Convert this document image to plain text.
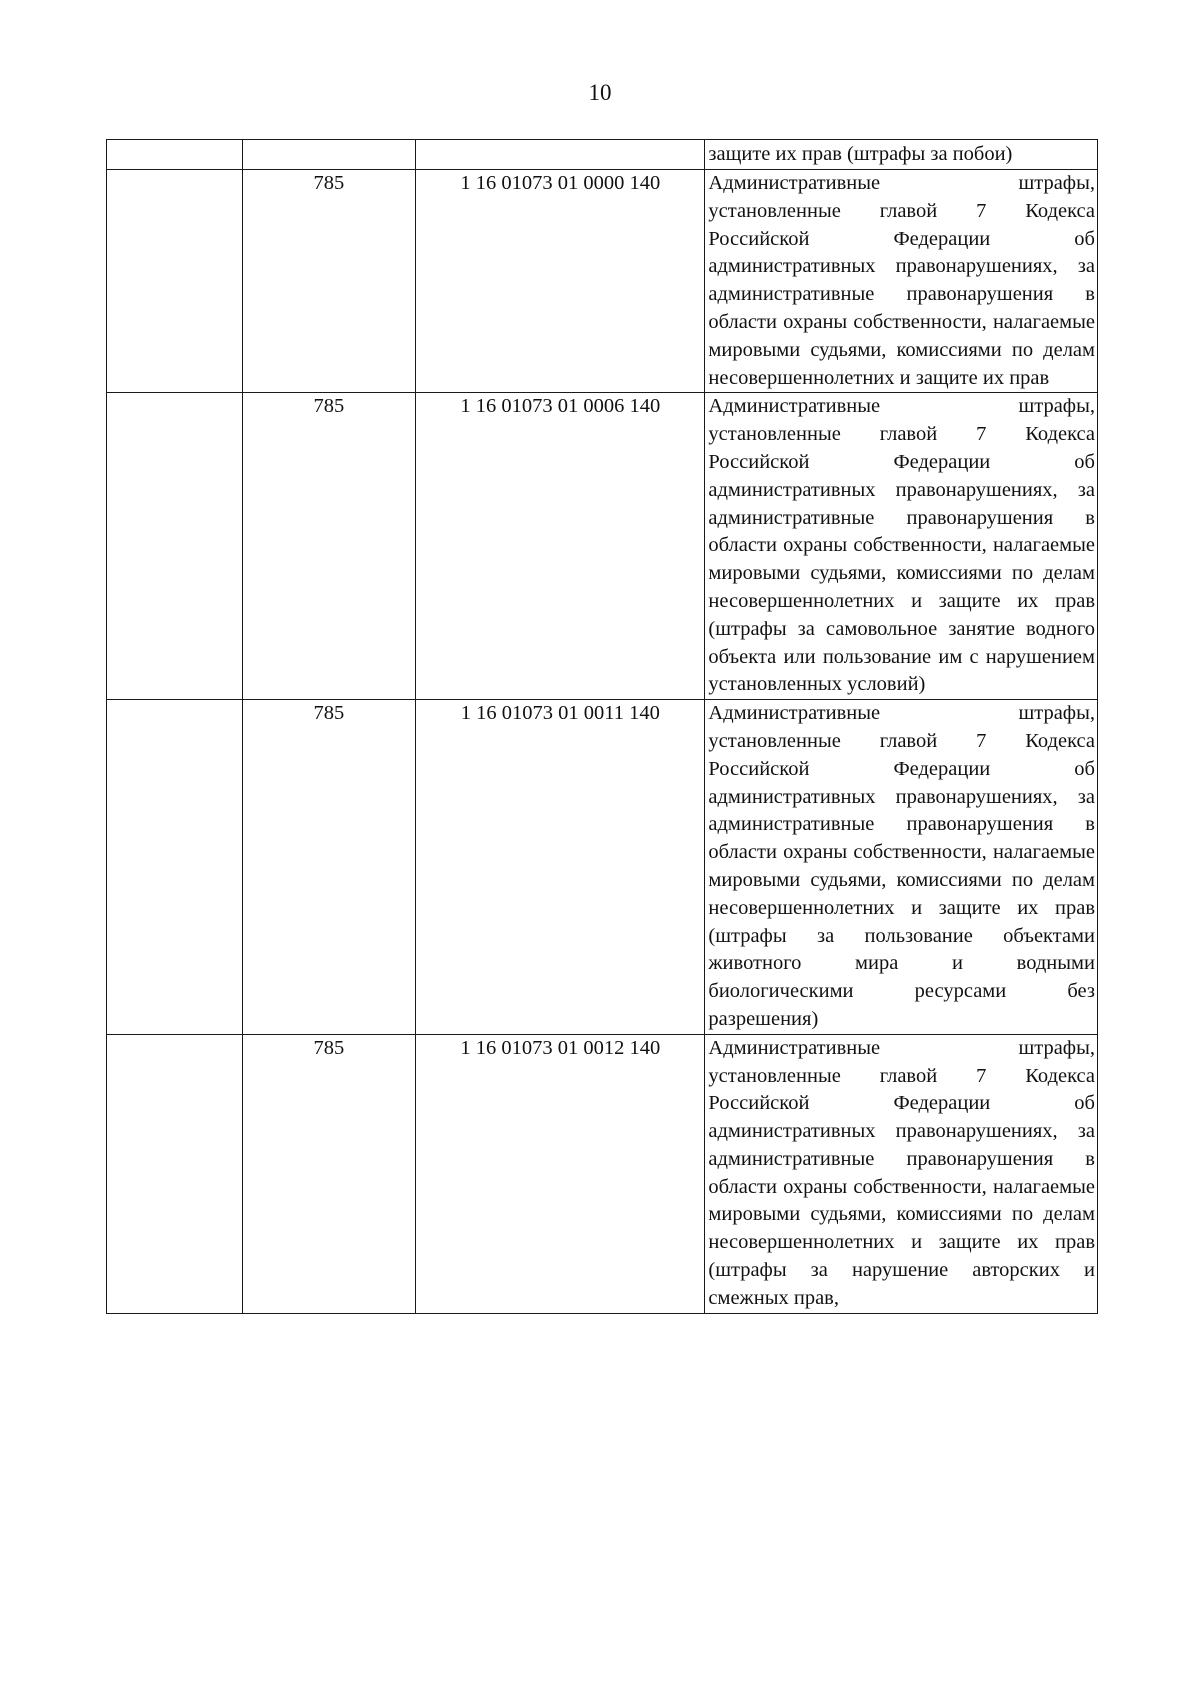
10
			защите их прав (штрафы за побои)
	785	1 16 01073 01 0000 140	Административные штрафы, установленные главой 7 Кодекса Российской Федерации об административных правонарушениях, за административные правонарушения в области охраны собственности, налагаемые мировыми судьями, комиссиями по делам несовершеннолетних и защите их прав
	785	1 16 01073 01 0006 140	Административные штрафы, установленные главой 7 Кодекса Российской Федерации об административных правонарушениях, за административные правонарушения в области охраны собственности, налагаемые мировыми судьями, комиссиями по делам несовершеннолетних и защите их прав (штрафы за самовольное занятие водного объекта или пользование им с нарушением установленных условий)
	785	1 16 01073 01 0011 140	Административные штрафы, установленные главой 7 Кодекса Российской Федерации об административных правонарушениях, за административные правонарушения в области охраны собственности, налагаемые мировыми судьями, комиссиями по делам несовершеннолетних и защите их прав (штрафы за пользование объектами животного мира и водными биологическими ресурсами без разрешения)
	785	1 16 01073 01 0012 140	Административные штрафы, установленные главой 7 Кодекса Российской Федерации об административных правонарушениях, за административные правонарушения в области охраны собственности, налагаемые мировыми судьями, комиссиями по делам несовершеннолетних и защите их прав (штрафы за нарушение авторских и смежных прав,
